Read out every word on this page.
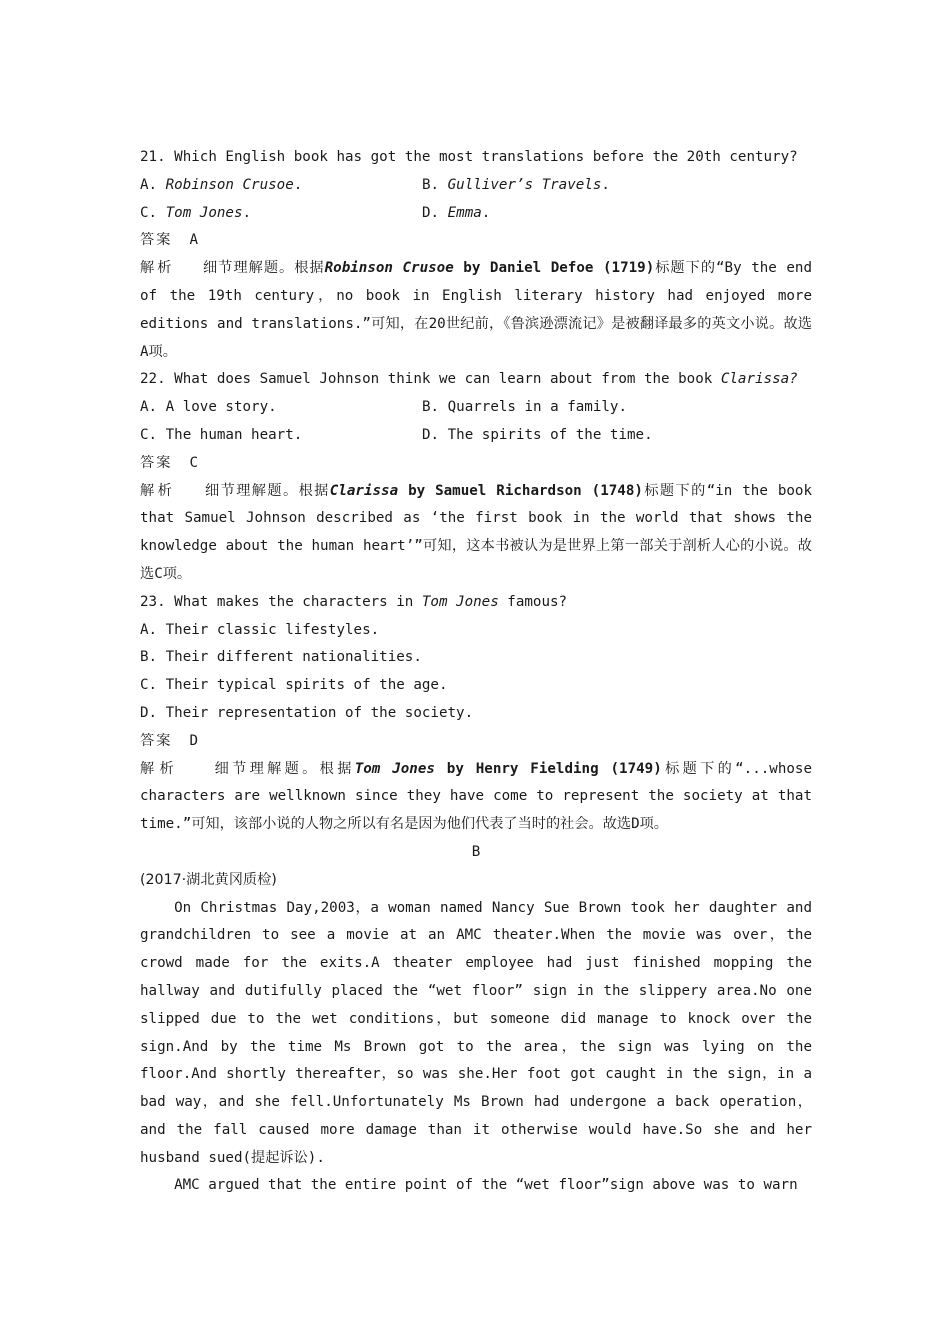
21. Which English book has got the most translations before the 20th century?
A. Robinson Crusoe.	B. Gulliver’s Travels.
C. Tom Jones.	D. Emma.
答案 A
解析 细节理解题。根据Robinson Crusoe by Daniel Defoe (1719)标题下的“By the end of the 19th century，no book in English literary history had enjoyed more editions and translations.”可知，在20世纪前，《鲁滨逊漂流记》是被翻译最多的英文小说。故选A项。
22. What does Samuel Johnson think we can learn about from the book Clarissa?
A. A love story.	B. Quarrels in a family.
C. The human heart.	D. The spirits of the time.
答案 C
解析 细节理解题。根据Clarissa by Samuel Richardson (1748)标题下的“in the book that Samuel Johnson described as ‘the first book in the world that shows the knowledge about the human heart’”可知，这本书被认为是世界上第一部关于剖析人心的小说。故选C项。
23. What makes the characters in Tom Jones famous?
A. Their classic lifestyles.
B. Their different nationalities.
C. Their typical spirits of the age.
D. Their representation of the society.
答案 D
解析	细节理解题。根据Tom Jones by Henry Fielding (1749)标题下的“...whose characters are wellknown since they have come to represent the society at that time.”可知，该部小说的人物之所以有名是因为他们代表了当时的社会。故选D项。
B
(2017·湖北黄冈质检)
On Christmas Day,2003，a woman named Nancy Sue Brown took her daughter and grandchildren to see a movie at an AMC theater.When the movie was over，the crowd made for the exits.A theater employee had just finished mopping the hallway and dutifully placed the “wet floor” sign in the slippery area.No one slipped due to the wet conditions，but someone did manage to knock over the sign.And by the time Ms Brown got to the area，the sign was lying on the floor.And shortly thereafter，so was she.Her foot got caught in the sign，in a bad way，and she fell.Unfortunately Ms Brown had undergone a back operation，and the fall caused more damage than it otherwise would have.So she and her husband sued(提起诉讼).
AMC argued that the entire point of the “wet floor”sign above was to warn
